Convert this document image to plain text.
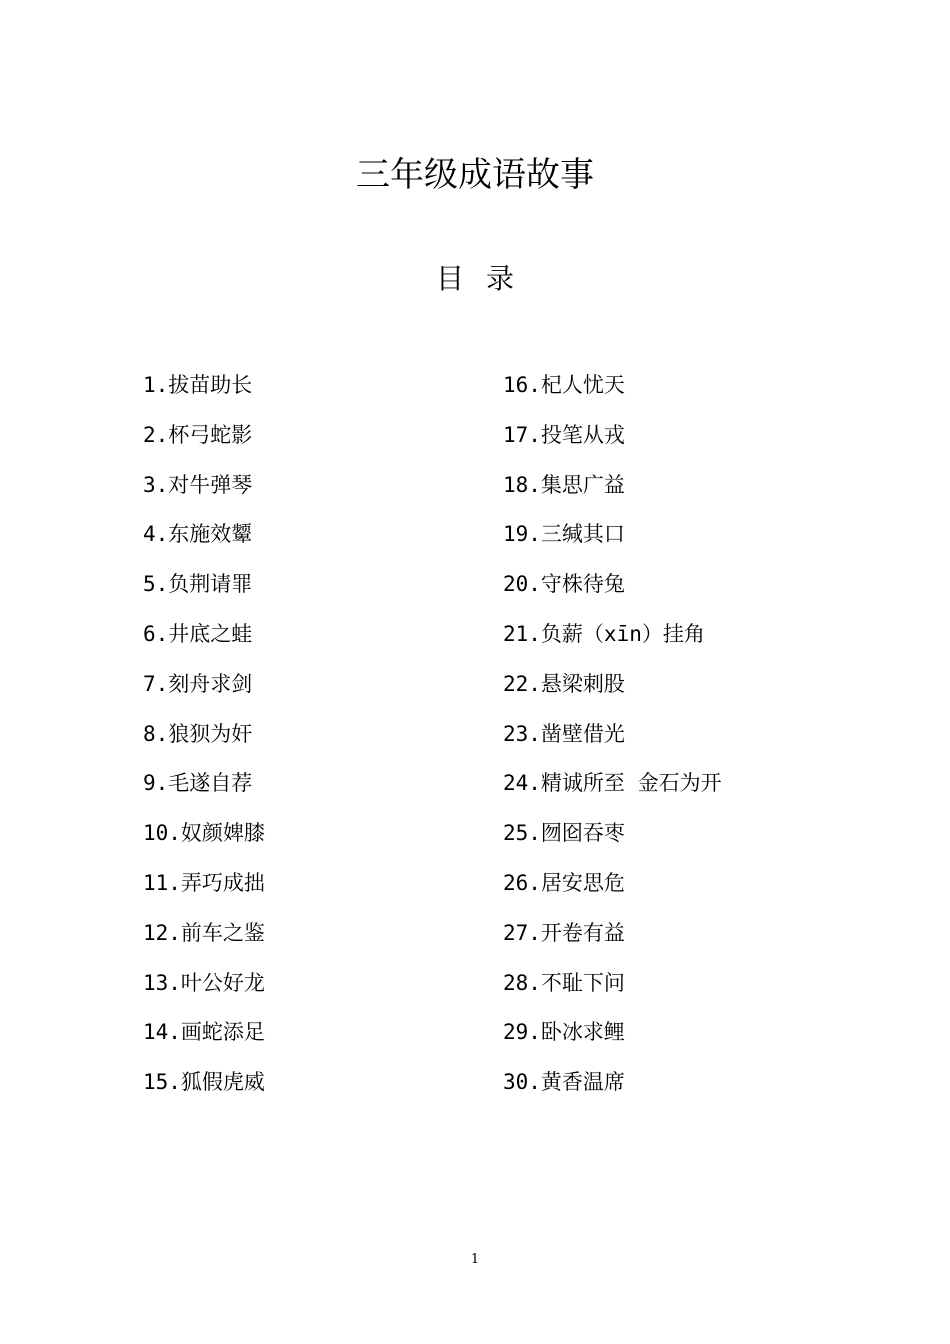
三年级成语故事
目录
1.拔苗助长
2.杯弓蛇影
3.对牛弹琴
4.东施效颦
5.负荆请罪
6.井底之蛙
7.刻舟求剑
8.狼狈为奸
9.毛遂自荐
10.奴颜婢膝
11.弄巧成拙
12.前车之鉴
13.叶公好龙
14.画蛇添足
15.狐假虎威
16.杞人忧天
17.投笔从戎
18.集思广益
19.三缄其口
20.守株待兔
21.负薪（xīn）挂角
22.悬梁刺股
23.凿壁借光
24.精诚所至 金石为开
25.囫囵吞枣
26.居安思危
27.开卷有益
28.不耻下问
29.卧冰求鲤
30.黄香温席
1
